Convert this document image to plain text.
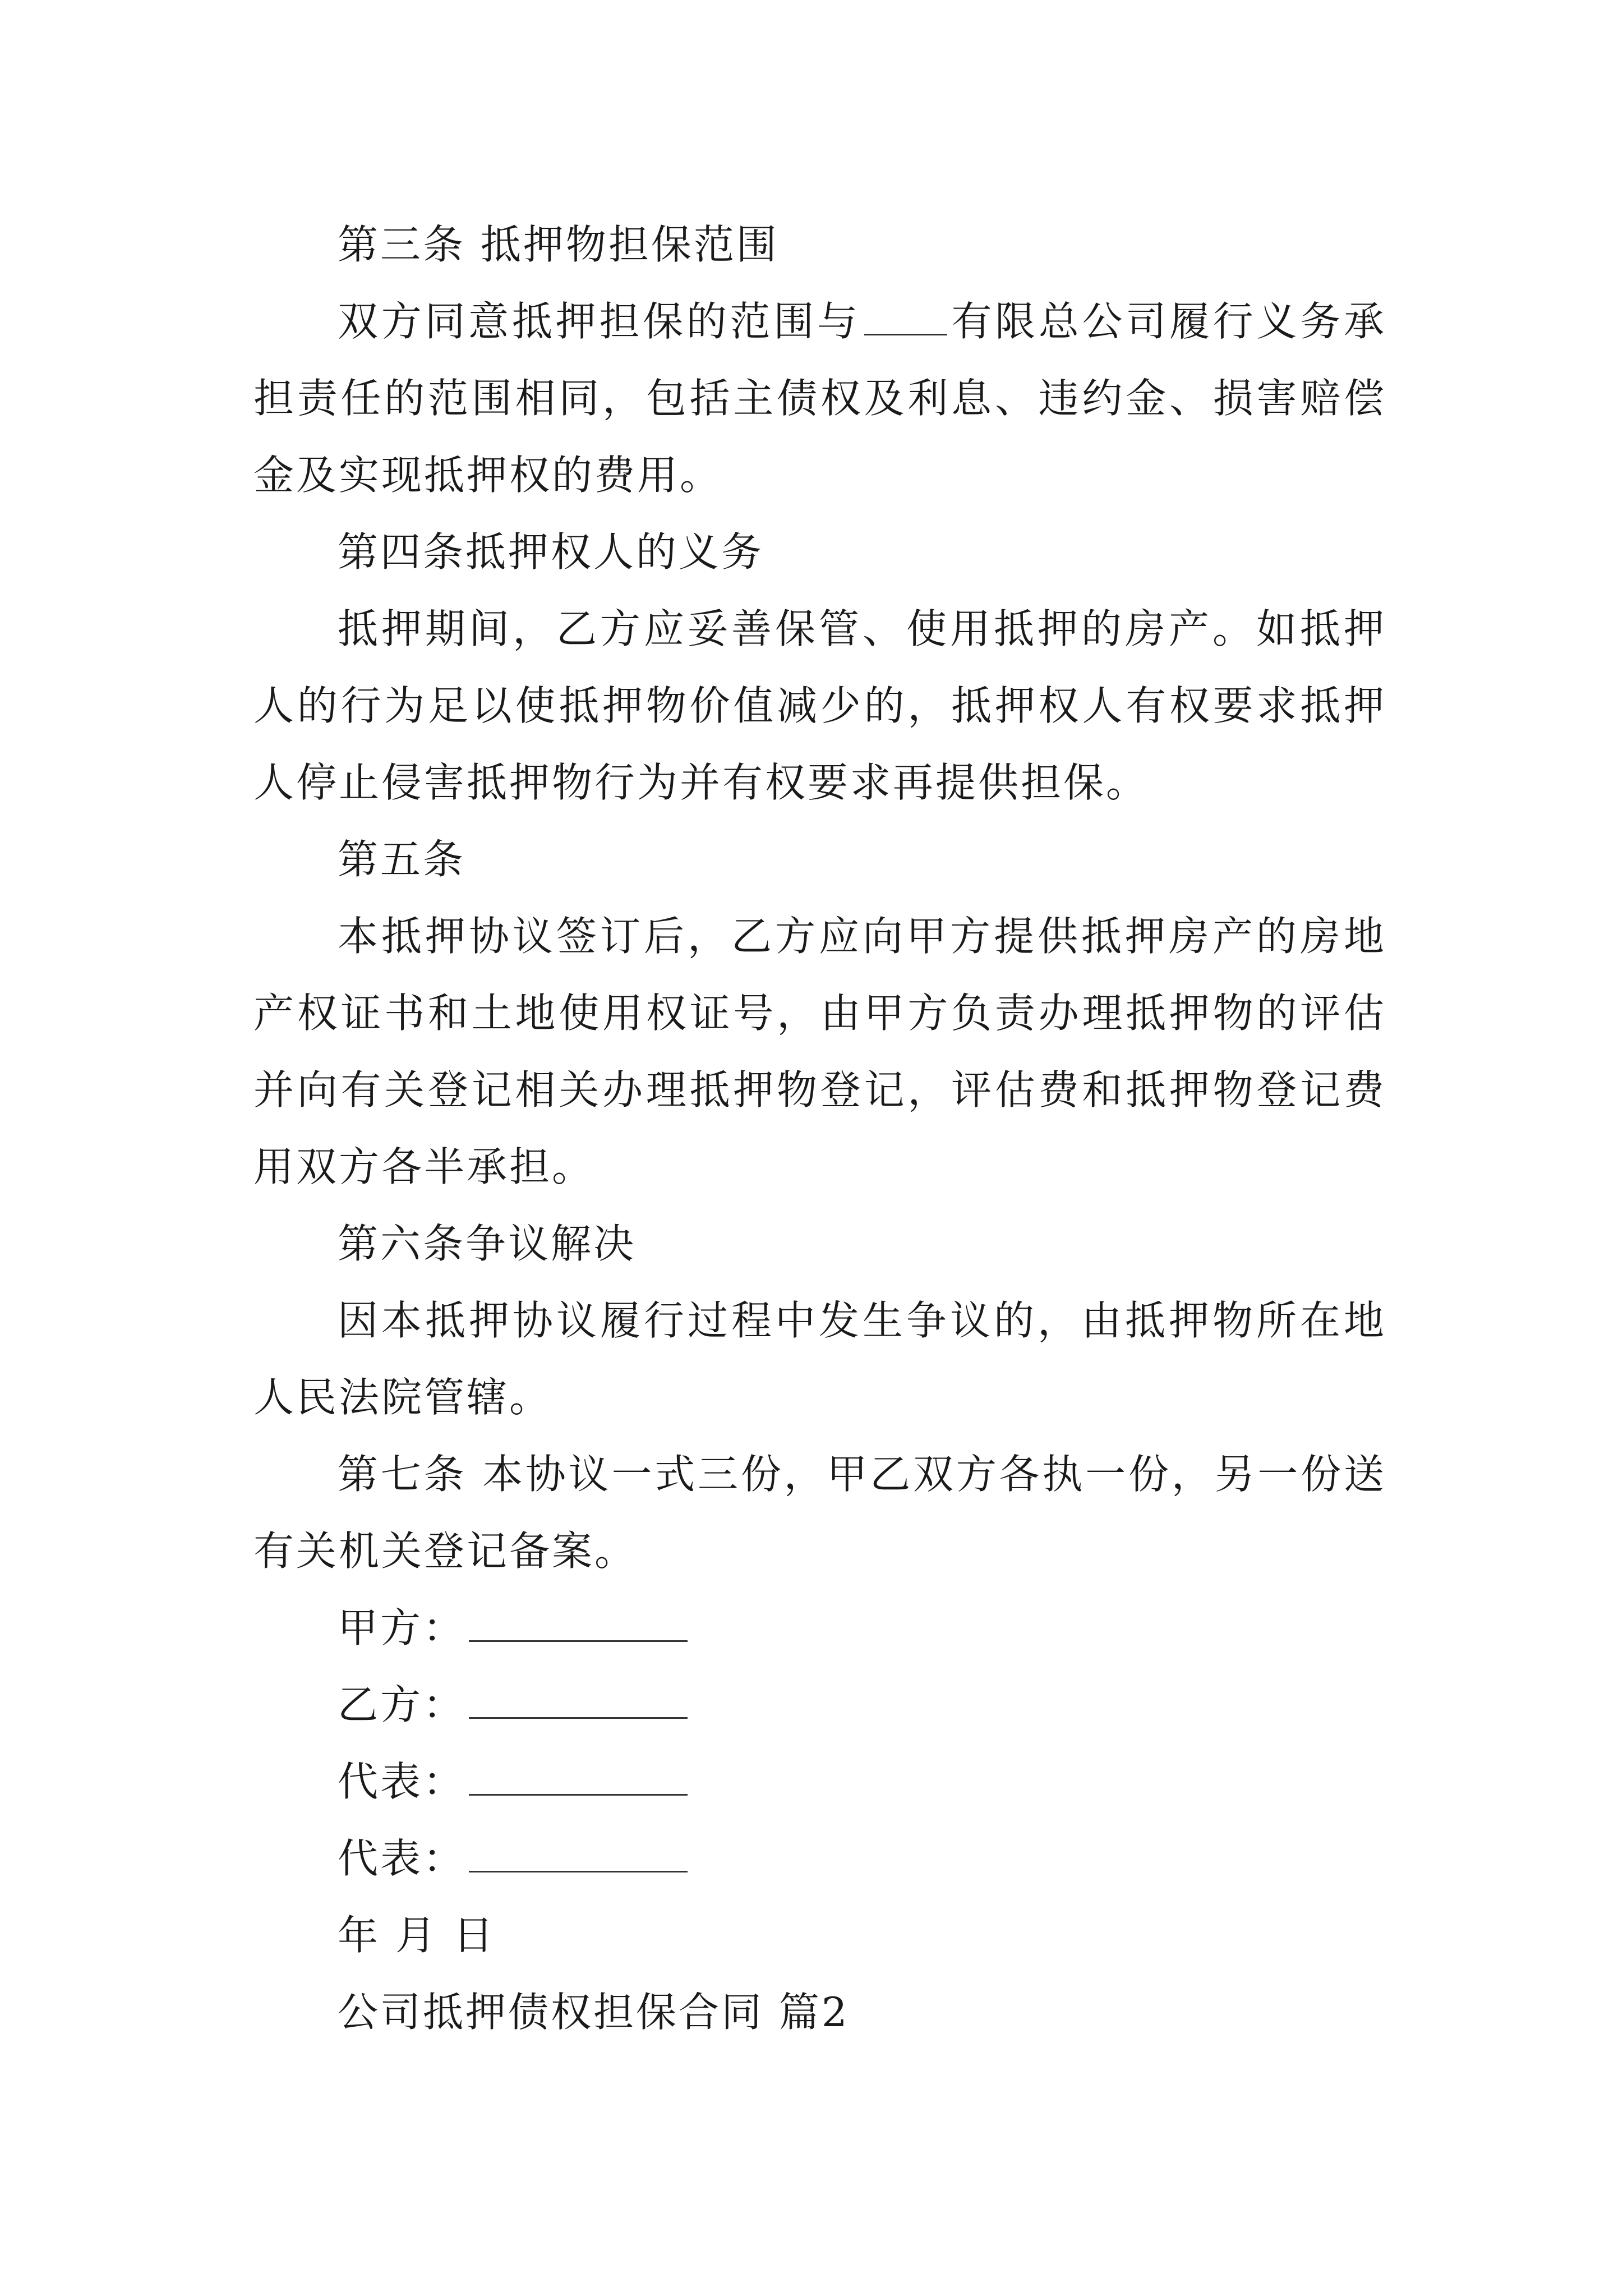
第三条 抵押物担保范围

双方同意抵押担保的范围与 有限总公司履行义务承担责任的范围相同，包括主债权及利息、违约金、损害赔偿金及实现抵押权的费用。

第四条抵押权人的义务

抵押期间，乙方应妥善保管、使用抵押的房产。如抵押人的行为足以使抵押物价值减少的，抵押权人有权要求抵押人停止侵害抵押物行为并有权要求再提供担保。

第五条

本抵押协议签订后，乙方应向甲方提供抵押房产的房地产权证书和土地使用权证号，由甲方负责办理抵押物的评估并向有关登记相关办理抵押物登记，评估费和抵押物登记费用双方各半承担。

第六条争议解决

因本抵押协议履行过程中发生争议的，由抵押物所在地人民法院管辖。

第七条 本协议一式三份，甲乙双方各执一份，另一份送有关机关登记备案。

甲方：

乙方：

代表：

代表：

年 月 日

公司抵押债权担保合同 篇2
